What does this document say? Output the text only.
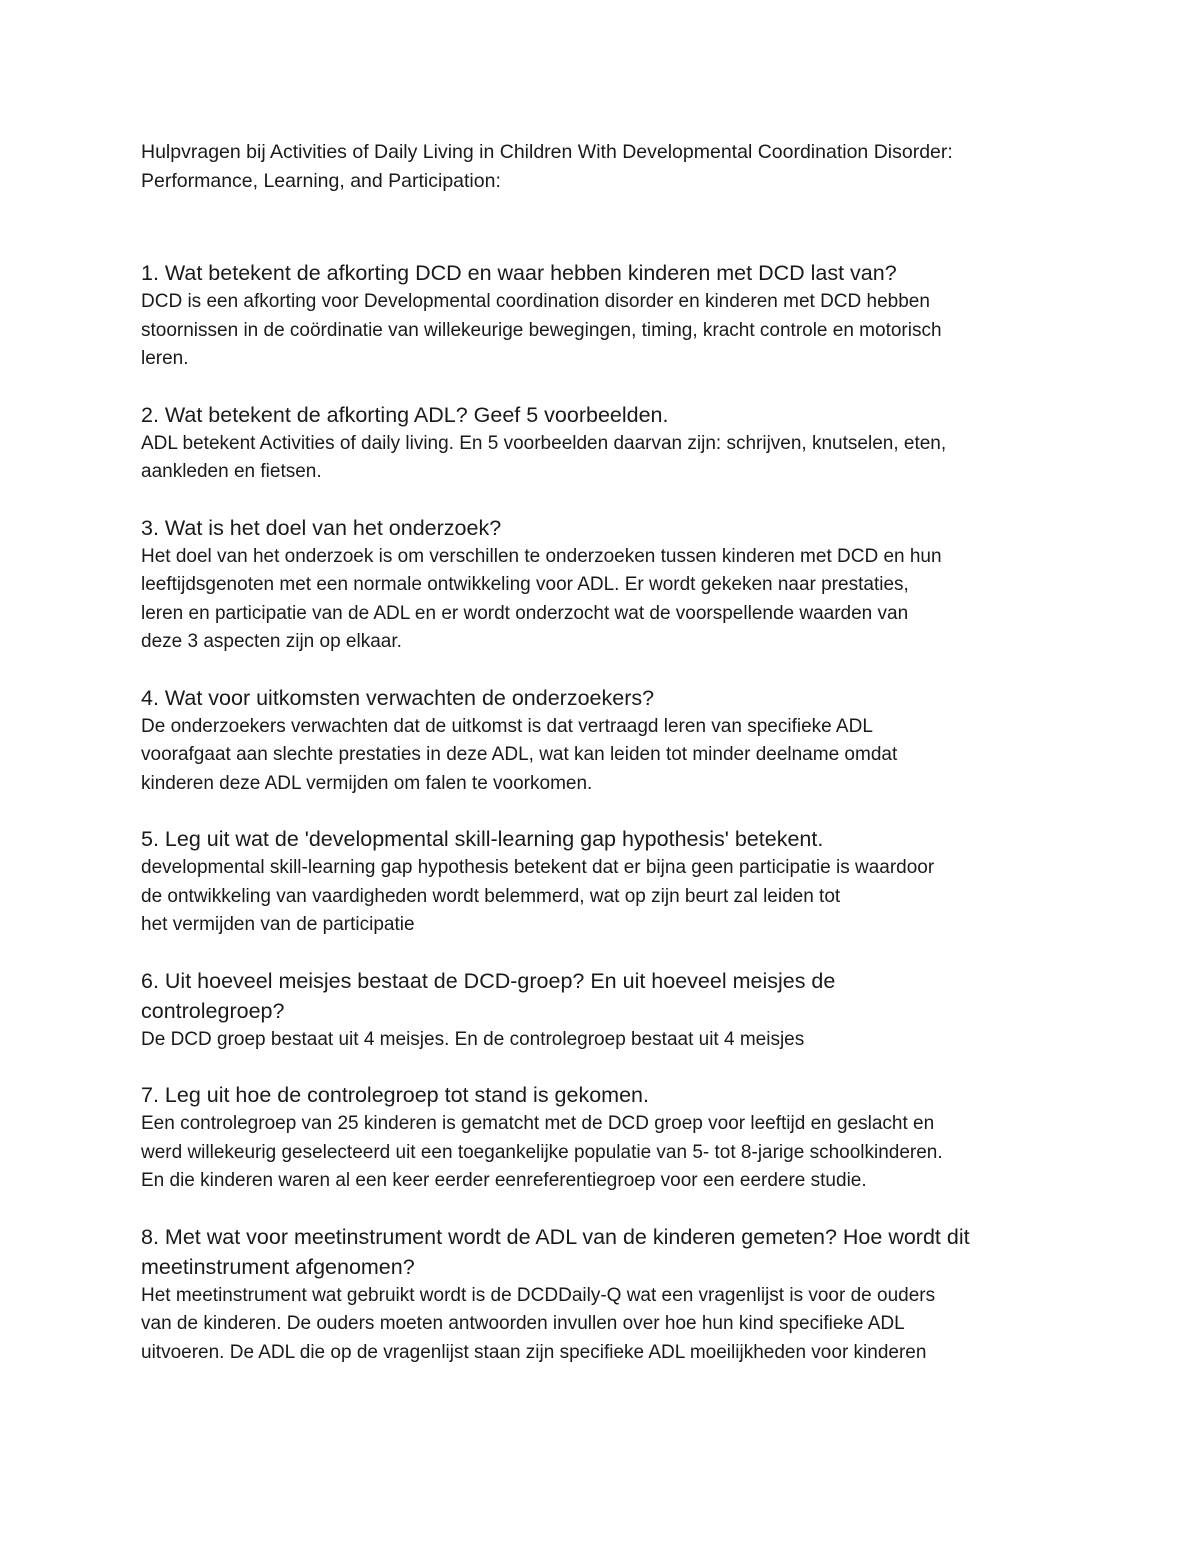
Hulpvragen bij Activities of Daily Living in Children With Developmental Coordination Disorder:

Performance, Learning, and Participation:

1. Wat betekent de afkorting DCD en waar hebben kinderen met DCD last van?

DCD is een afkorting voor Developmental coordination disorder en kinderen met DCD hebben
stoornissen in de coördinatie van willekeurige bewegingen, timing, kracht controle en motorisch
leren.

2. Wat betekent de afkorting ADL? Geef 5 voorbeelden.

ADL betekent Activities of daily living. En 5 voorbeelden daarvan zijn: schrijven, knutselen, eten,
aankleden en fietsen.

3. Wat is het doel van het onderzoek?

Het doel van het onderzoek is om verschillen te onderzoeken tussen kinderen met DCD en hun
leeftijdsgenoten met een normale ontwikkeling voor ADL. Er wordt gekeken naar prestaties,
leren en participatie van de ADL en er wordt onderzocht wat de voorspellende waarden van
deze 3 aspecten zijn op elkaar.

4. Wat voor uitkomsten verwachten de onderzoekers?

De onderzoekers verwachten dat de uitkomst is dat vertraagd leren van specifieke ADL
voorafgaat aan slechte prestaties in deze ADL, wat kan leiden tot minder deelname omdat
kinderen deze ADL vermijden om falen te voorkomen.

5. Leg uit wat de 'developmental skill-learning gap hypothesis' betekent.

developmental skill-learning gap hypothesis betekent dat er bijna geen participatie is waardoor
de ontwikkeling van vaardigheden wordt belemmerd, wat op zijn beurt zal leiden tot
het vermijden van de participatie

6. Uit hoeveel meisjes bestaat de DCD-groep? En uit hoeveel meisjes de
controlegroep?

De DCD groep bestaat uit 4 meisjes. En de controlegroep bestaat uit 4 meisjes

7. Leg uit hoe de controlegroep tot stand is gekomen.

Een controlegroep van 25 kinderen is gematcht met de DCD groep voor leeftijd en geslacht en
werd willekeurig geselecteerd uit een toegankelijke populatie van 5- tot 8-jarige schoolkinderen.
En die kinderen waren al een keer eerder eenreferentiegroep voor een eerdere studie.

8. Met wat voor meetinstrument wordt de ADL van de kinderen gemeten? Hoe wordt dit
meetinstrument afgenomen?

Het meetinstrument wat gebruikt wordt is de DCDDaily-Q wat een vragenlijst is voor de ouders
van de kinderen. De ouders moeten antwoorden invullen over hoe hun kind specifieke ADL
uitvoeren. De ADL die op de vragenlijst staan zijn specifieke ADL moeilijkheden voor kinderen
